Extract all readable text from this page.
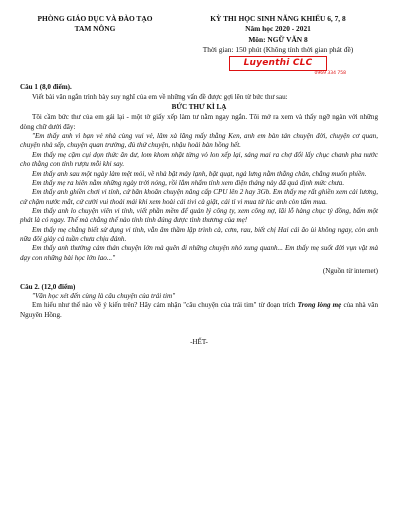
PHÒNG GIÁO DỤC VÀ ĐÀO TẠO
TAM NÔNG
KỲ THI HỌC SINH NĂNG KHIẾU 6, 7, 8
Năm học 2020 - 2021
Môn: NGỮ VĂN 8
Thời gian: 150 phút (Không tính thời gian phát đề)
Luyenthi CLC
0969 334 758
Câu 1 (8,0 điểm).

Viết bài văn ngắn trình bày suy nghĩ của em về những vấn đề được gợi lên từ bức thư sau:

BỨC THƯ KÌ LẠ

Tôi cầm bức thư của em gái lại - một tờ giấy xếp làm tư nằm ngay ngắn. Tôi mở ra xem và thấy ngỡ ngàn với những dòng chữ dưới đây:

"Em thấy anh vì bạn vẻ nhà cùng vui vẻ, lâm xà lăng mấy thằng Ken, anh em bàn tán chuyện đời, chuyện cơ quan, chuyện nhà sếp, chuyện quan trường, đủ thứ chuyện, nhậu hoài bàn hồng hết.

Em thấy mẹ cặm cụi dọn thức ăn dư, lom khom nhặt từng vỏ lon xếp lại, sáng mai ra chợ đổi lấy chục chanh pha nước cho thằng con tỉnh rượu mỗi khi say.

Em thấy anh sau một ngày làm mệt mỏi, về nhà bật máy lạnh, bật quạt, ngả lưng nằm thẳng chân, chẳng muốn phiền.

Em thấy mẹ ra hiên nằm những ngày trời nóng, rồi lẳm nhẩm tính xem điện tháng này đã quá định mức chưa.

Em thấy anh ghiền chơi vi tính, cứ băn khoăn chuyện nâng cấp CPU lên 2 hay 3Gb. Em thấy mẹ rất ghiền xem cải lương, cứ chậm nước mắt, cứ cười vui thoải mái khi xem hoài cái tivi cà giật, cái tỉ vi mua từ lúc anh còn tấm mua.

Em thấy anh lo chuyện viên vi tính, viết phần mềm để quản lý công ty, xem công nợ, lãi lỗ hàng chục tỷ đồng, bấm một phát là có ngay. Thế mà chẳng thể nào tính tính đúng được tình thương của mẹ!

Em thấy mẹ chẳng biết sử dụng vi tính, vẫn âm thầm lập trình cà, cơm, rau, biết chị Hai cái ăo ùi không ngay, còn anh nữa đôi giày cả tuần chưa chịu đánh.

Em thấy anh thường cảm thán chuyện lớn mà quên đi những chuyện nhỏ xung quanh... Em thấy mẹ suốt đời vụn vặt mà dạy con những bài học lớn lao..."

(Nguồn từ internet)
Câu 2. (12,0 điểm)

"Văn học xét đến cùng là câu chuyện của trái tim"

Em hiểu như thế nào về ý kiến trên? Hãy cảm nhận "câu chuyện của trái tim" từ đoạn trích Trong lòng mẹ của nhà văn Nguyên Hồng.

-HẾT-
